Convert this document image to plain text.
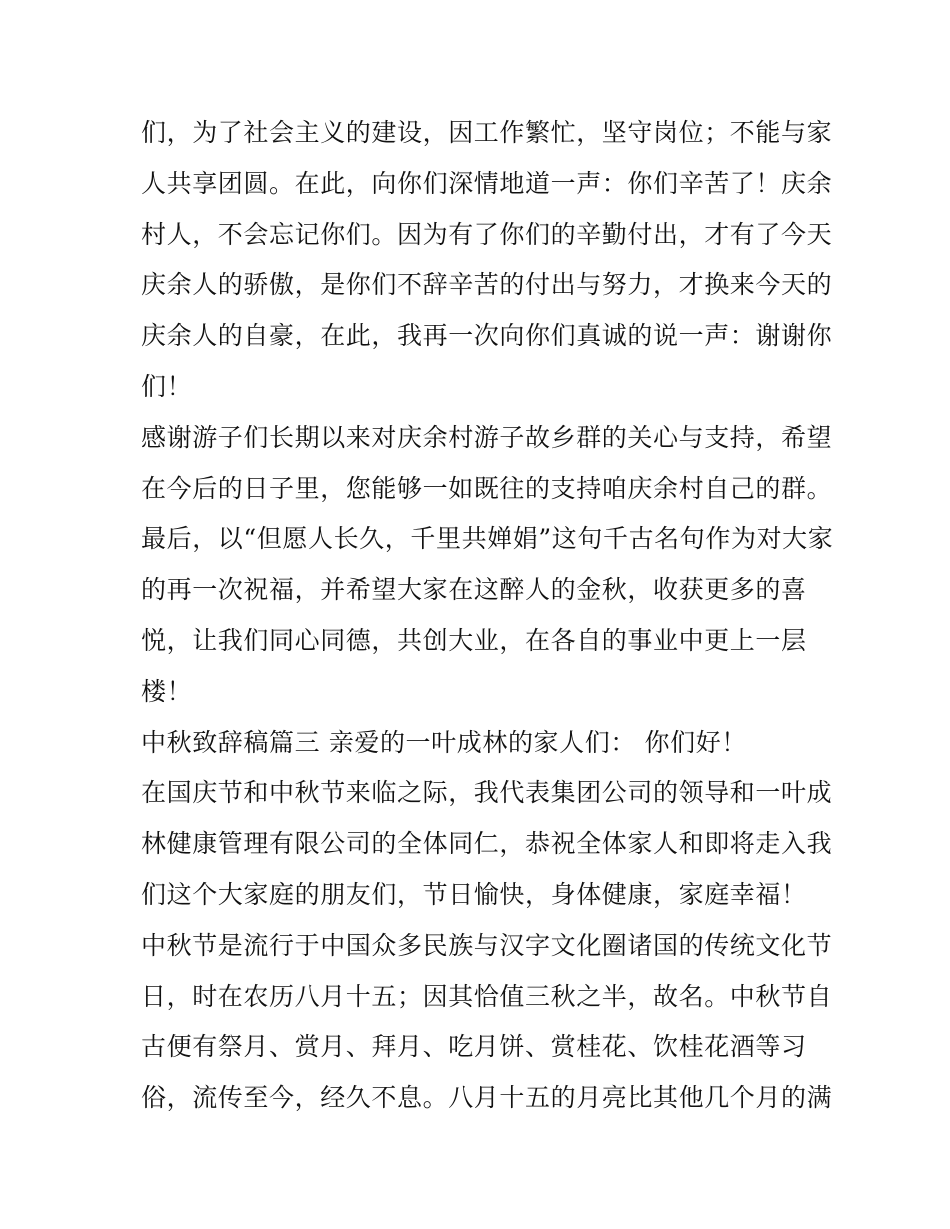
们，为了社会主义的建设，因工作繁忙，坚守岗位；不能与家
人共享团圆。在此，向你们深情地道一声：你们辛苦了！庆余
村人，不会忘记你们。因为有了你们的辛勤付出，才有了今天
庆余人的骄傲，是你们不辞辛苦的付出与努力，才换来今天的
庆余人的自豪，在此，我再一次向你们真诚的说一声：谢谢你
们！
感谢游子们长期以来对庆余村游子故乡群的关心与支持，希望
在今后的日子里，您能够一如既往的支持咱庆余村自己的群。
最后，以“但愿人长久，千里共婵娟”这句千古名句作为对大家
的再一次祝福，并希望大家在这醉人的金秋，收获更多的喜
悦，让我们同心同德，共创大业，在各自的事业中更上一层
楼！
中秋致辞稿篇三 亲爱的一叶成林的家人们： 你们好！
在国庆节和中秋节来临之际，我代表集团公司的领导和一叶成
林健康管理有限公司的全体同仁，恭祝全体家人和即将走入我
们这个大家庭的朋友们，节日愉快，身体健康，家庭幸福！
中秋节是流行于中国众多民族与汉字文化圈诸国的传统文化节
日，时在农历八月十五；因其恰值三秋之半，故名。中秋节自
古便有祭月、赏月、拜月、吃月饼、赏桂花、饮桂花酒等习
俗，流传至今，经久不息。八月十五的月亮比其他几个月的满
